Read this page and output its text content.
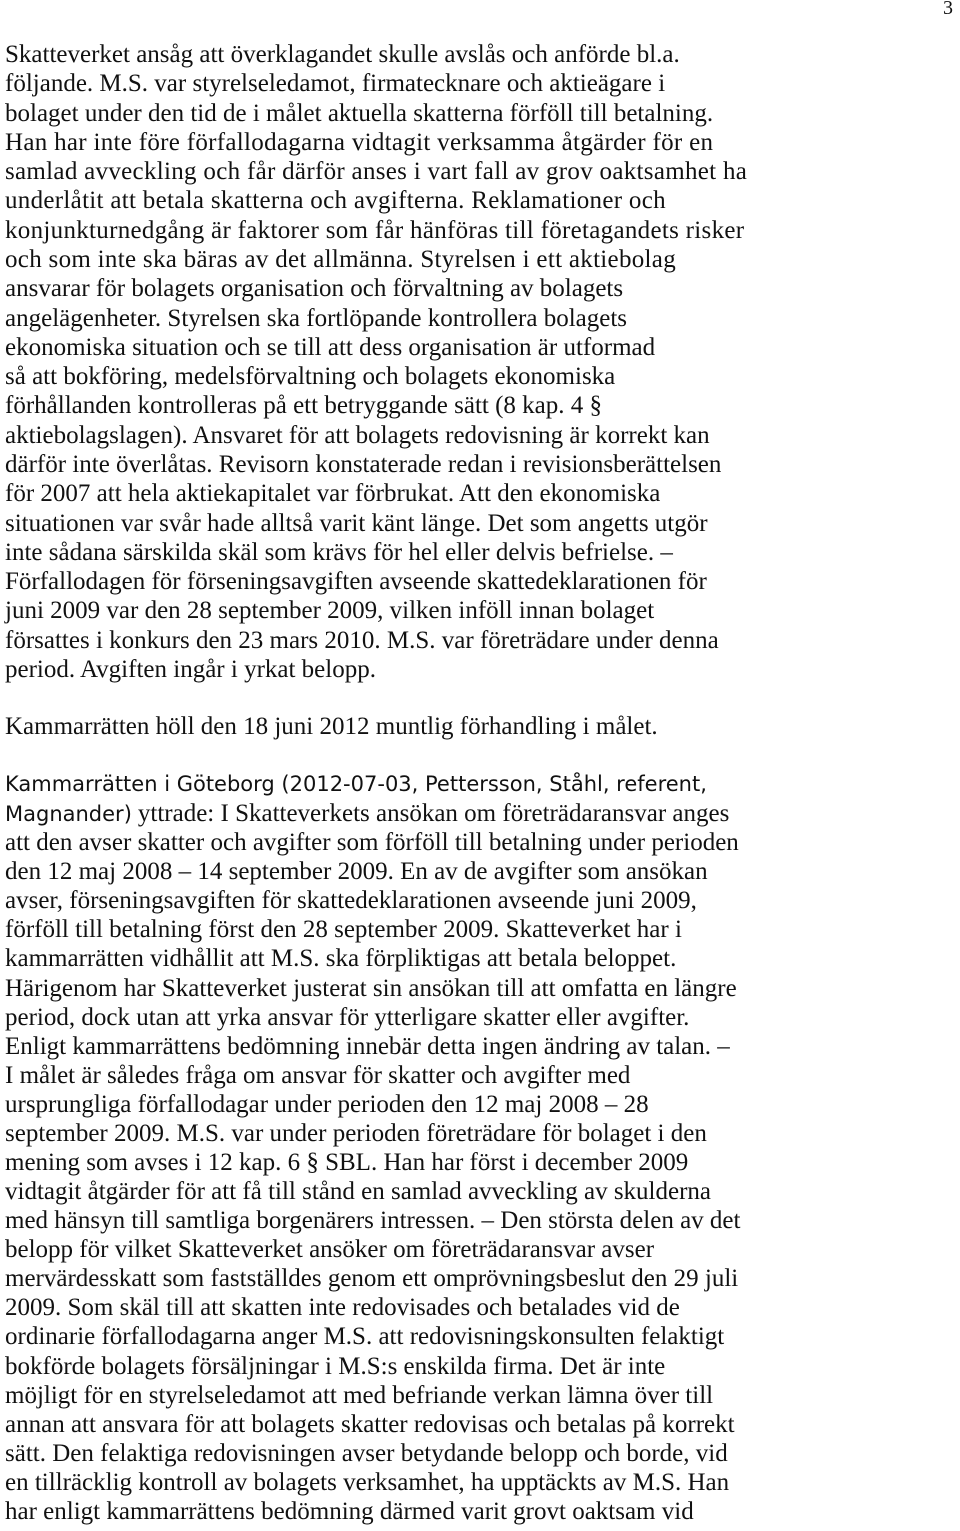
3
Skatteverket ansåg att överklagandet skulle avslås och anförde bl.a.
följande. M.S. var styrelseledamot, firmatecknare och aktieägare i
bolaget under den tid de i målet aktuella skatterna förföll till betalning.
Han har inte före förfallodagarna vidtagit verksamma åtgärder för en
samlad avveckling och får därför anses i vart fall av grov oaktsamhet ha
underlåtit att betala skatterna och avgifterna. Reklamationer och
konjunkturnedgång är faktorer som får hänföras till företagandets risker
och som inte ska bäras av det allmänna. Styrelsen i ett aktiebolag
ansvarar för bolagets organisation och förvaltning av bolagets
angelägenheter. Styrelsen ska fortlöpande kontrollera bolagets
ekonomiska situation och se till att dess organisation är utformad
så att bokföring, medelsförvaltning och bolagets ekonomiska
förhållanden kontrolleras på ett betryggande sätt (8 kap. 4 §
aktiebolagslagen). Ansvaret för att bolagets redovisning är korrekt kan
därför inte överlåtas. Revisorn konstaterade redan i revisionsberättelsen
för 2007 att hela aktiekapitalet var förbrukat. Att den ekonomiska
situationen var svår hade alltså varit känt länge. Det som angetts utgör
inte sådana särskilda skäl som krävs för hel eller delvis befrielse. –
Förfallodagen för förseningsavgiften avseende skattedeklarationen för
juni 2009 var den 28 september 2009, vilken inföll innan bolaget
försattes i konkurs den 23 mars 2010. M.S. var företrädare under denna
period. Avgiften ingår i yrkat belopp.
Kammarrätten höll den 18 juni 2012 muntlig förhandling i målet.
Kammarrätten i Göteborg (2012-07-03, Pettersson, Ståhl, referent,
Magnander) yttrade: I Skatteverkets ansökan om företrädaransvar anges
att den avser skatter och avgifter som förföll till betalning under perioden
den 12 maj 2008 – 14 september 2009. En av de avgifter som ansökan
avser, förseningsavgiften för skattedeklarationen avseende juni 2009,
förföll till betalning först den 28 september 2009. Skatteverket har i
kammarrätten vidhållit att M.S. ska förpliktigas att betala beloppet.
Härigenom har Skatteverket justerat sin ansökan till att omfatta en längre
period, dock utan att yrka ansvar för ytterligare skatter eller avgifter.
Enligt kammarrättens bedömning innebär detta ingen ändring av talan. –
I målet är således fråga om ansvar för skatter och avgifter med
ursprungliga förfallodagar under perioden den 12 maj 2008 – 28
september 2009. M.S. var under perioden företrädare för bolaget i den
mening som avses i 12 kap. 6 § SBL. Han har först i december 2009
vidtagit åtgärder för att få till stånd en samlad avveckling av skulderna
med hänsyn till samtliga borgenärers intressen. – Den största delen av det
belopp för vilket Skatteverket ansöker om företrädaransvar avser
mervärdesskatt som fastställdes genom ett omprövningsbeslut den 29 juli
2009. Som skäl till att skatten inte redovisades och betalades vid de
ordinarie förfallodagarna anger M.S. att redovisningskonsulten felaktigt
bokförde bolagets försäljningar i M.S:s enskilda firma. Det är inte
möjligt för en styrelseledamot att med befriande verkan lämna över till
annan att ansvara för att bolagets skatter redovisas och betalas på korrekt
sätt. Den felaktiga redovisningen avser betydande belopp och borde, vid
en tillräcklig kontroll av bolagets verksamhet, ha upptäckts av M.S. Han
har enligt kammarrättens bedömning därmed varit grovt oaktsam vid
